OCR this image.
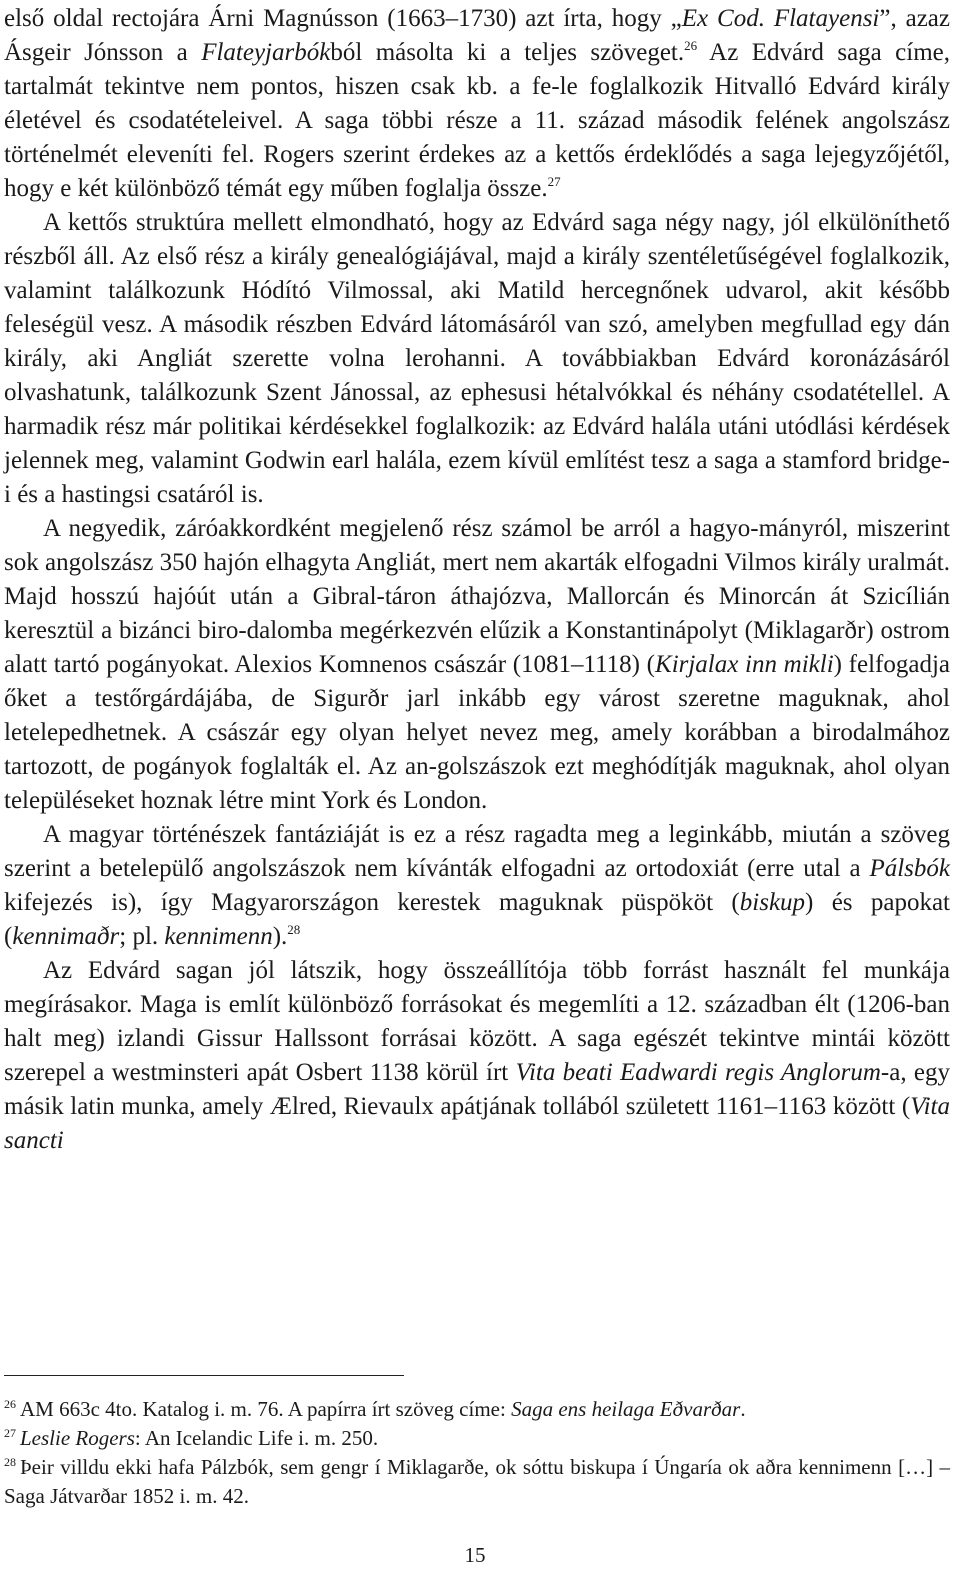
első oldal rectojára Árni Magnússon (1663–1730) azt írta, hogy „Ex Cod. Flatayensi”, azaz Ásgeir Jónsson a Flateyjarbókból másolta ki a teljes szöveget.$^{26}$ Az Edvárd saga címe, tartalmát tekintve nem pontos, hiszen csak kb. a fe-le foglalkozik Hitvalló Edvárd király életével és csodatételeivel. A saga többi része a 11. század második felének angolszász történelmét eleveníti fel. Rogers szerint érdekes az a kettős érdeklődés a saga lejegyzőjétől, hogy e két különböző témát egy műben foglalja össze.$^{27}$

A kettős struktúra mellett elmondható, hogy az Edvárd saga négy nagy, jól elkülöníthető részből áll. Az első rész a király genealógiájával, majd a király szentéletűségével foglalkozik, valamint találkozunk Hódító Vilmossal, aki Matild hercegnőnek udvarol, akit később feleségül vesz. A második részben Edvárd látomásáról van szó, amelyben megfullad egy dán király, aki Angliát szerette volna lerohanni. A továbbiakban Edvárd koronázásáról olvashatunk, találkozunk Szent Jánossal, az ephesusi hétalvókkal és néhány csodatétellel. A harmadik rész már politikai kérdésekkel foglalkozik: az Edvárd halála utáni utódlási kérdések jelennek meg, valamint Godwin earl halála, ezem kívül említést tesz a saga a stamford bridge-i és a hastingsi csatáról is.

A negyedik, záróakkordként megjelenő rész számol be arról a hagyo-mányról, miszerint sok angolszász 350 hajón elhagyta Angliát, mert nem akarták elfogadni Vilmos király uralmát. Majd hosszú hajóút után a Gibral-táron áthajózva, Mallorcán és Minorcán át Szicílián keresztül a bizánci biro-dalomba megérkezvén elűzik a Konstantinápolyt (Miklagarðr) ostrom alatt tartó pogányokat. Alexios Komnenos császár (1081–1118) (Kirjalax inn mikli) felfogadja őket a testőrgárdájába, de Sigurðr jarl inkább egy várost szeretne maguknak, ahol letelepedhetnek. A császár egy olyan helyet nevez meg, amely korábban a birodalmához tartozott, de pogányok foglalták el. Az an-golszászok ezt meghódítják maguknak, ahol olyan településeket hoznak létre mint York és London.

A magyar történészek fantáziáját is ez a rész ragadta meg a leginkább, miután a szöveg szerint a betelepülő angolszászok nem kívánták elfogadni az ortodoxiát (erre utal a Pálsbók kifejezés is), így Magyarországon kerestek maguknak püspököt (biskup) és papokat (kennimaðr; pl. kennimenn).$^{28}$

Az Edvárd sagan jól látszik, hogy összeállítója több forrást használt fel munkája megírásakor. Maga is említ különböző forrásokat és megemlíti a 12. században élt (1206-ban halt meg) izlandi Gissur Hallssont forrásai között. A saga egészét tekintve mintái között szerepel a westminsteri apát Osbert 1138 körül írt Vita beati Eadwardi regis Anglorum-a, egy másik latin munka, amely Ælred, Rievaulx apátjának tollából született 1161–1163 között (Vita sancti

$^{26}$ AM 663c 4to. Katalog i. m. 76. A papírra írt szöveg címe: Saga ens heilaga Eðvarðar.

$^{27}$ Leslie Rogers: An Icelandic Life i. m. 250.

$^{28}$ Þeir villdu ekki hafa Pálzbók, sem gengr í Miklagarðe, ok sóttu biskupa í Úngaría ok aðra kennimenn […] – Saga Játvarðar 1852 i. m. 42.

15
